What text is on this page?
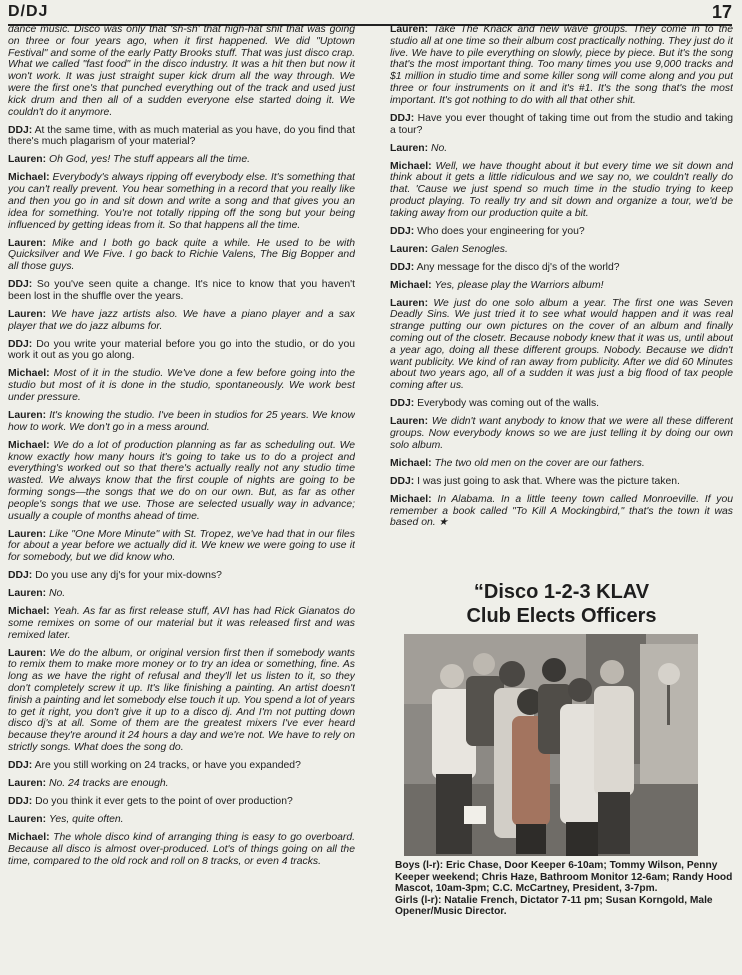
D/DJ	17

dance music. Disco was only that 'sh-sh' that high-hat shit that was going on three or four years ago, when it first happened. We did "Uptown Festival" and some of the early Patty Brooks stuff. That was just disco crap. What we called "fast food" in the disco industry. It was a hit then but now it won't work. It was just straight super kick drum all the way through. We were the first one's that punched everything out of the track and used just kick drum and then all of a sudden everyone else started doing it. We couldn't do it anymore.

DDJ: At the same time, with as much material as you have, do you find that there's much plagarism of your material?

Lauren: Oh God, yes! The stuff appears all the time.

Michael: Everybody's always ripping off everybody else. It's something that you can't really prevent. You hear something in a record that you really like and then you go in and sit down and write a song and that gives you an idea for something. You're not totally ripping off the song but your being influenced by getting ideas from it. So that happens all the time.

Lauren: Mike and I both go back quite a while. He used to be with Quicksilver and We Five. I go back to Richie Valens, The Big Bopper and all those guys.

DDJ: So you've seen quite a change. It's nice to know that you haven't been lost in the shuffle over the years.

Lauren: We have jazz artists also. We have a piano player and a sax player that we do jazz albums for.

DDJ: Do you write your material before you go into the studio, or do you work it out as you go along.

Michael: Most of it in the studio. We've done a few before going into the studio but most of it is done in the studio, spontaneously. We work best under pressure.

Lauren: It's knowing the studio. I've been in studios for 25 years. We know how to work. We don't go in a mess around.

Michael: We do a lot of production planning as far as scheduling out. We know exactly how many hours it's going to take us to do a project and everything's worked out so that there's actually really not any studio time wasted. We always know that the first couple of nights are going to be forming songs—the songs that we do on our own. But, as far as other people's songs that we use. Those are selected usually way in advance; usually a couple of months ahead of time.

Lauren: Like "One More Minute" with St. Tropez, we've had that in our files for about a year before we actually did it. We knew we were going to use it for somebody, but we did know who.

DDJ: Do you use any dj's for your mix-downs?

Lauren: No.

Michael: Yeah. As far as first release stuff, AVI has had Rick Gianatos do some remixes on some of our material but it was released first and was remixed later.

Lauren: We do the album, or original version first then if somebody wants to remix them to make more money or to try an idea or something, fine. As long as we have the right of refusal and they'll let us listen to it, so they don't completely screw it up. It's like finishing a painting. An artist doesn't finish a painting and let somebody else touch it up. You spend a lot of years to get it right, you don't give it up to a disco dj. And I'm not putting down disco dj's at all. Some of them are the greatest mixers I've ever heard because they're around it 24 hours a day and we're not. We have to rely on strictly songs. What does the song do.

DDJ: Are you still working on 24 tracks, or have you expanded?

Lauren: No. 24 tracks are enough.

DDJ: Do you think it ever gets to the point of over production?

Lauren: Yes, quite often.

Michael: The whole disco kind of arranging thing is easy to go overboard. Because all disco is almost over-produced. Lot's of things going on all the time, compared to the old rock and roll on 8 tracks, or even 4 tracks.

Lauren: Take The Knack and new wave groups. They come in to the studio all at one time so their album cost practically nothing. They just do it live. We have to pile everything on slowly, piece by piece. But it's the song that's the most important thing. Too many times you use 9,000 tracks and $1 million in studio time and some killer song will come along and you put three or four instruments on it and it's #1. It's the song that's the most important. It's got nothing to do with all that other shit.

DDJ: Have you ever thought of taking time out from the studio and taking a tour?

Lauren: No.

Michael: Well, we have thought about it but every time we sit down and think about it gets a little ridiculous and we say no, we couldn't really do that. 'Cause we just spend so much time in the studio trying to keep product playing. To really try and sit down and organize a tour, we'd be taking away from our production quite a bit.

DDJ: Who does your engineering for you?

Lauren: Galen Senogles.

DDJ: Any message for the disco dj's of the world?

Michael: Yes, please play the Warriors album!

Lauren: We just do one solo album a year. The first one was Seven Deadly Sins. We just tried it to see what would happen and it was real strange putting our own pictures on the cover of an album and finally coming out of the closetr. Because nobody knew that it was us, until about a year ago, doing all these different groups. Nobody. Because we didn't want publicity. We kind of ran away from publicity. After we did 60 Minutes about two years ago, all of a sudden it was just a big flood of tax people coming after us.

DDJ: Everybody was coming out of the walls.

Lauren: We didn't want anybody to know that we were all these different groups. Now everybody knows so we are just telling it by doing our own solo album.

Michael: The two old men on the cover are our fathers.

DDJ: I was just going to ask that. Where was the picture taken.

Michael: In Alabama. In a little teeny town called Monroeville. If you remember a book called "To Kill A Mockingbird," that's the town it was based on. ★

“Disco 1-2-3 KLAV
Club Elects Officers

Boys (l-r): Eric Chase, Door Keeper 6-10am; Tommy Wilson, Penny Keeper weekend; Chris Haze, Bathroom Monitor 12-6am; Randy Hood Mascot, 10am-3pm; C.C. McCartney, President, 3-7pm.

Girls (l-r): Natalie French, Dictator 7-11 pm; Susan Korngold, Male Opener/Music Director.
